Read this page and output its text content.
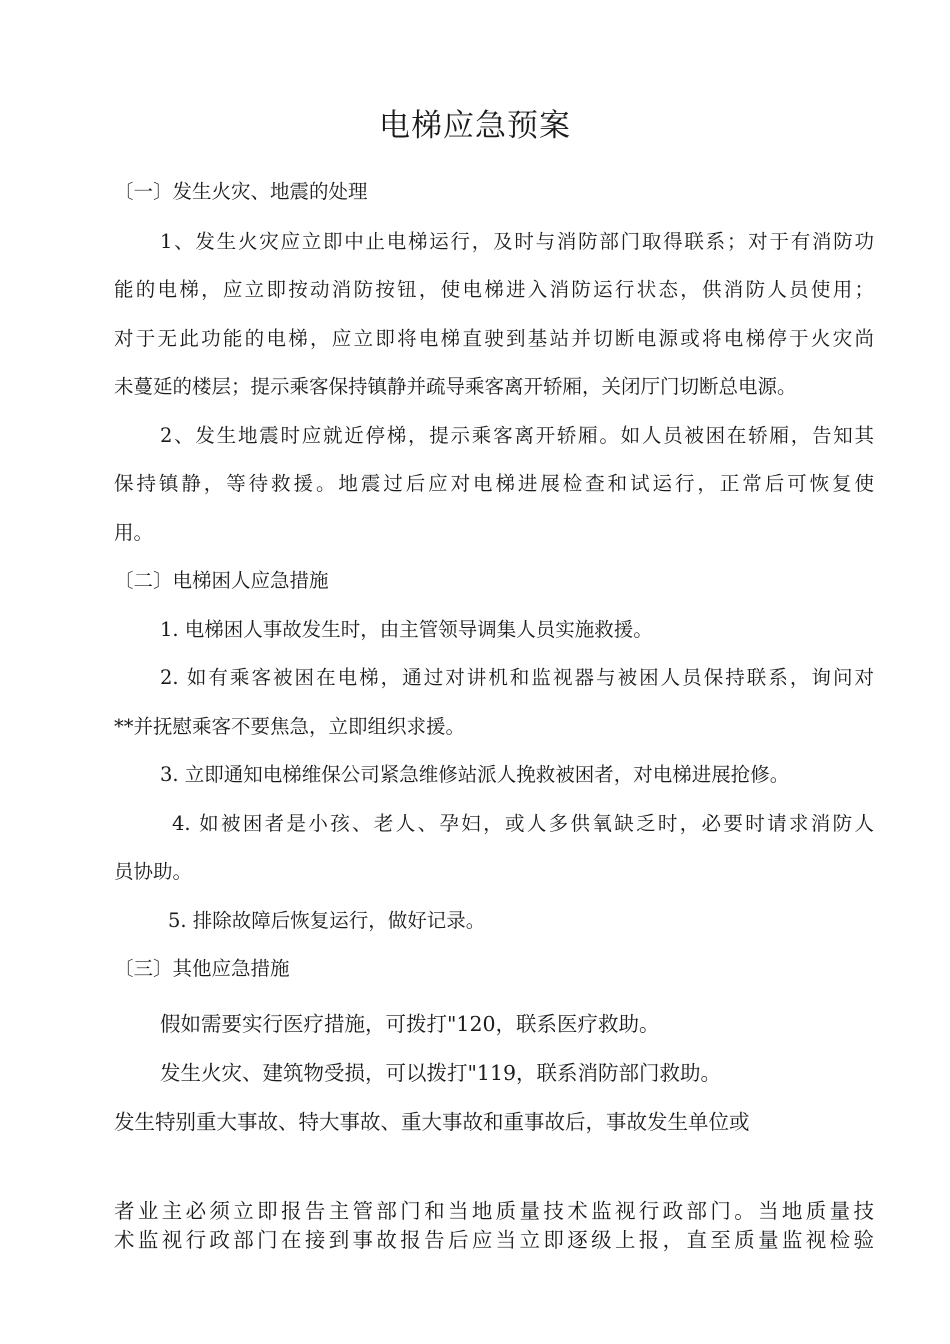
电梯应急预案

〔一〕发生火灾、地震的处理

1、发生火灾应立即中止电梯运行，及时与消防部门取得联系；对于有消防功

能的电梯，应立即按动消防按钮，使电梯进入消防运行状态，供消防人员使用；

对于无此功能的电梯，应立即将电梯直驶到基站并切断电源或将电梯停于火灾尚

未蔓延的楼层；提示乘客保持镇静并疏导乘客离开轿厢，关闭厅门切断总电源。

2、发生地震时应就近停梯，提示乘客离开轿厢。如人员被困在轿厢，告知其

保持镇静，等待救援。地震过后应对电梯进展检查和试运行，正常后可恢复使

用。

〔二〕电梯困人应急措施

1. 电梯困人事故发生时，由主管领导调集人员实施救援。

2. 如有乘客被困在电梯，通过对讲机和监视器与被困人员保持联系，询问对

**并抚慰乘客不要焦急，立即组织求援。

3. 立即通知电梯维保公司紧急维修站派人挽救被困者，对电梯进展抢修。

4. 如被困者是小孩、老人、孕妇，或人多供氧缺乏时，必要时请求消防人

员协助。

5. 排除故障后恢复运行，做好记录。

〔三〕其他应急措施

假如需要实行医疗措施，可拨打"120，联系医疗救助。

发生火灾、建筑物受损，可以拨打"119，联系消防部门救助。

发生特别重大事故、特大事故、重大事故和重事故后，事故发生单位或

者业主必须立即报告主管部门和当地质量技术监视行政部门。当地质量技

术监视行政部门在接到事故报告后应当立即逐级上报，直至质量监视检验
